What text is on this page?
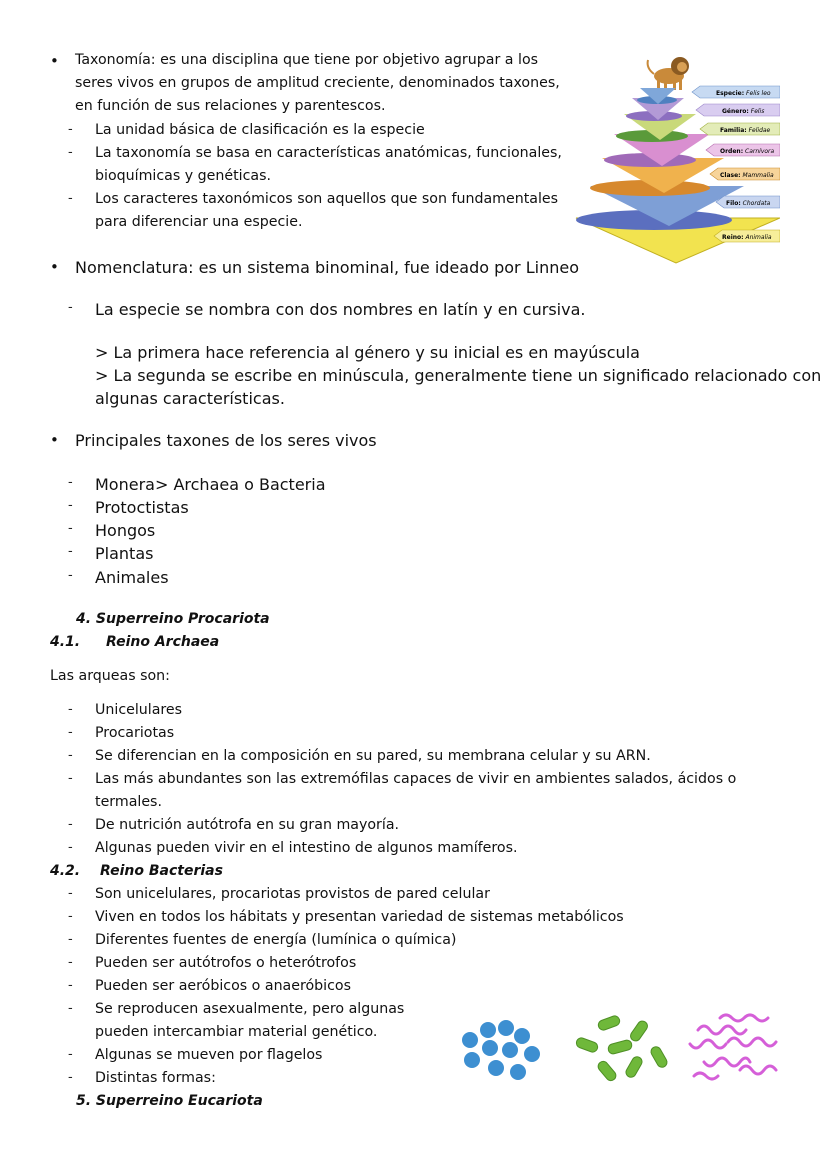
• Taxonomía: es una disciplina que tiene por objetivo agrupar a los
seres vivos en grupos de amplitud creciente, denominados taxones,
en función de sus relaciones y parentescos.
- La unidad básica de clasificación es la especie
- La taxonomía se basa en características anatómicas, funcionales,
bioquímicas y genéticas.
- Los caracteres taxonómicos son aquellos que son fundamentales
para diferenciar una especie.
Especie: Felis leo
Género: Felis
Familia: Felidae
Orden: Carnívora
Clase: Mammalia
Filo: Chordata
Reino: Animalia
• Nomenclatura: es un sistema binominal, fue ideado por Linneo
- La especie se nombra con dos nombres en latín y en cursiva.
> La primera hace referencia al género y su inicial es en mayúscula
> La segunda se escribe en minúscula, generalmente tiene un significado relacionado con
algunas características.
• Principales taxones de los seres vivos
- Monera> Archaea o Bacteria
- Protoctistas
- Hongos
- Plantas
- Animales
4. Superreino Procariota
4.1. Reino Archaea
Las arqueas son:
- Unicelulares
- Procariotas
- Se diferencian en la composición en su pared, su membrana celular y su ARN.
- Las más abundantes son las extremófilas capaces de vivir en ambientes salados, ácidos o
termales.
- De nutrición autótrofa en su gran mayoría.
- Algunas pueden vivir en el intestino de algunos mamíferos.
4.2. Reino Bacterias
- Son unicelulares, procariotas provistos de pared celular
- Viven en todos los hábitats y presentan variedad de sistemas metabólicos
- Diferentes fuentes de energía (lumínica o química)
- Pueden ser autótrofos o heterótrofos
- Pueden ser aeróbicos o anaeróbicos
- Se reproducen asexualmente, pero algunas
pueden intercambiar material genético.
- Algunas se mueven por flagelos
- Distintas formas:
5. Superreino Eucariota
